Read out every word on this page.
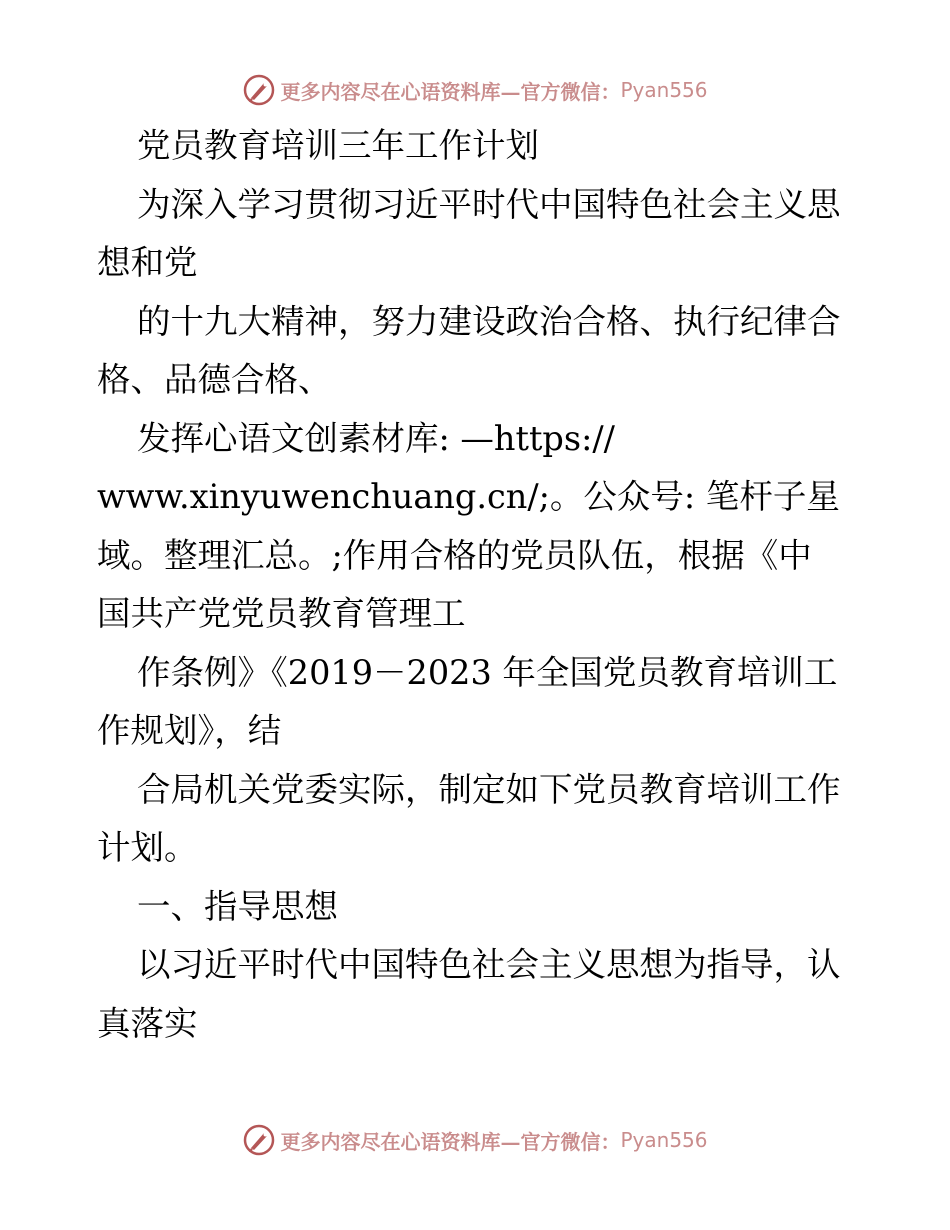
更多内容尽在心语资料库—官方微信： Pyan556
党员教育培训三年工作计划
为深入学习贯彻习近平时代中国特色社会主义思
想和党
的十九大精神，努力建设政治合格、执行纪律合
格、品德合格、
发挥心语文创素材库: —https://
www.xinyuwenchuang.cn/;。公众号: 笔杆子星
域。整理汇总。;作用合格的党员队伍，根据《中
国共产党党员教育管理工
作条例》《2019－2023 年全国党员教育培训工
作规划》，结
合局机关党委实际，制定如下党员教育培训工作
计划。
一、指导思想
以习近平时代中国特色社会主义思想为指导，认
真落实
更多内容尽在心语资料库—官方微信： Pyan556
